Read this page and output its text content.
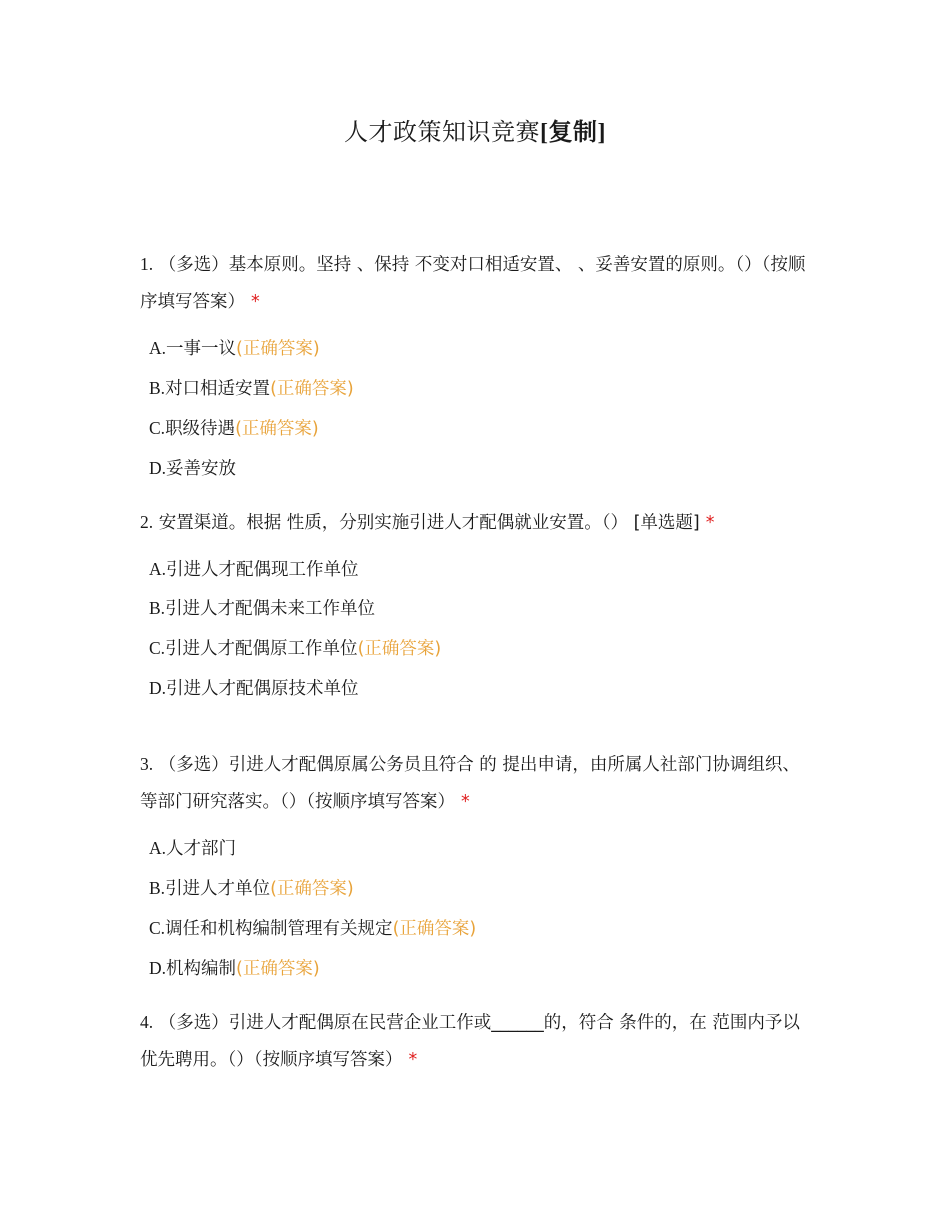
人才政策知识竞赛[复制]
1. （多选）基本原则。坚持 、保持 不变对口相适安置、 、妥善安置的原则。（）（按顺序填写答案） *
A.一事一议(正确答案)
B.对口相适安置(正确答案)
C.职级待遇(正确答案)
D.妥善安放
2. 安置渠道。根据 性质，分别实施引进人才配偶就业安置。（） [单选题] *
A.引进人才配偶现工作单位
B.引进人才配偶未来工作单位
C.引进人才配偶原工作单位(正确答案)
D.引进人才配偶原技术单位
3. （多选）引进人才配偶原属公务员且符合 的 提出申请，由所属人社部门协调组织、 等部门研究落实。（）（按顺序填写答案） *
A.人才部门
B.引进人才单位(正确答案)
C.调任和机构编制管理有关规定(正确答案)
D.机构编制(正确答案)
4. （多选）引进人才配偶原在民营企业工作或______的，符合 条件的，在 范围内予以优先聘用。（）（按顺序填写答案） *
